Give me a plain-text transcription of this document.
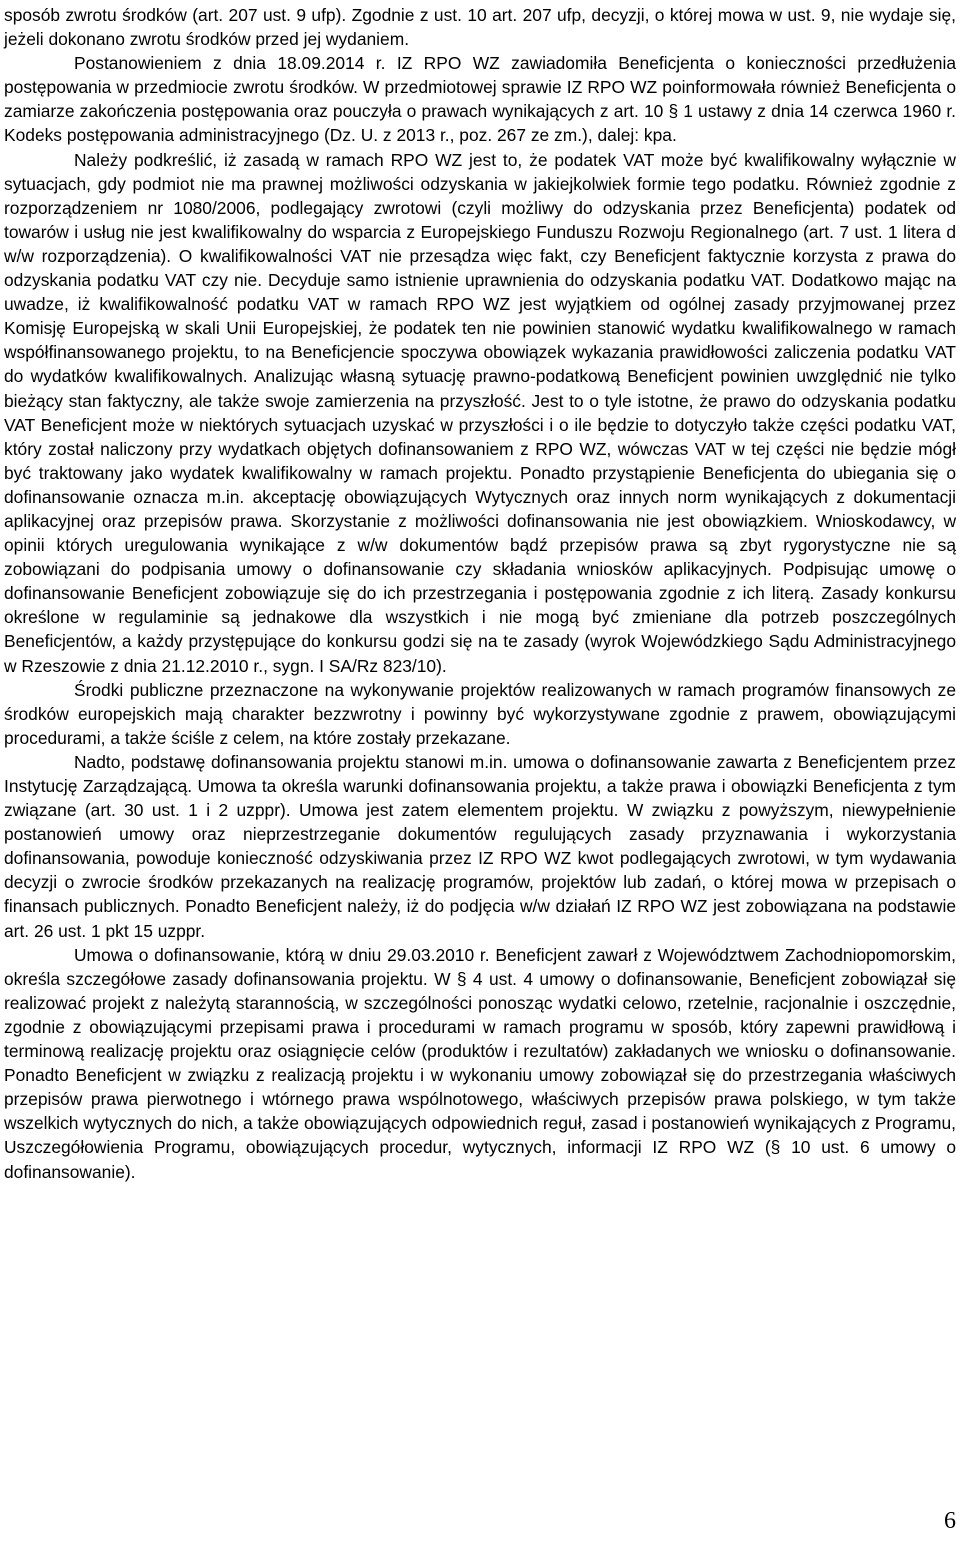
sposób zwrotu środków (art. 207 ust. 9 ufp). Zgodnie z ust. 10 art. 207 ufp, decyzji, o której mowa w ust. 9, nie wydaje się, jeżeli dokonano zwrotu środków przed jej wydaniem.

Postanowieniem z dnia 18.09.2014 r. IZ RPO WZ zawiadomiła Beneficjenta o konieczności przedłużenia postępowania w przedmiocie zwrotu środków. W przedmiotowej sprawie IZ RPO WZ poinformowała również Beneficjenta o zamiarze zakończenia postępowania oraz pouczyła o prawach wynikających z art. 10 § 1 ustawy z dnia 14 czerwca 1960 r. Kodeks postępowania administracyjnego (Dz. U. z 2013 r., poz. 267 ze zm.), dalej: kpa.

Należy podkreślić, iż zasadą w ramach RPO WZ jest to, że podatek VAT może być kwalifikowalny wyłącznie w sytuacjach, gdy podmiot nie ma prawnej możliwości odzyskania w jakiejkolwiek formie tego podatku. Również zgodnie z rozporządzeniem nr 1080/2006, podlegający zwrotowi (czyli możliwy do odzyskania przez Beneficjenta) podatek od towarów i usług nie jest kwalifikowalny do wsparcia z Europejskiego Funduszu Rozwoju Regionalnego (art. 7 ust. 1 litera d w/w rozporządzenia). O kwalifikowalności VAT nie przesądza więc fakt, czy Beneficjent faktycznie korzysta z prawa do odzyskania podatku VAT czy nie. Decyduje samo istnienie uprawnienia do odzyskania podatku VAT. Dodatkowo mając na uwadze, iż kwalifikowalność podatku VAT w ramach RPO WZ jest wyjątkiem od ogólnej zasady przyjmowanej przez Komisję Europejską w skali Unii Europejskiej, że podatek ten nie powinien stanowić wydatku kwalifikowalnego w ramach współfinansowanego projektu, to na Beneficjencie spoczywa obowiązek wykazania prawidłowości zaliczenia podatku VAT do wydatków kwalifikowalnych. Analizując własną sytuację prawno-podatkową Beneficjent powinien uwzględnić nie tylko bieżący stan faktyczny, ale także swoje zamierzenia na przyszłość. Jest to o tyle istotne, że prawo do odzyskania podatku VAT Beneficjent może w niektórych sytuacjach uzyskać w przyszłości i o ile będzie to dotyczyło także części podatku VAT, który został naliczony przy wydatkach objętych dofinansowaniem z RPO WZ, wówczas VAT w tej części nie będzie mógł być traktowany jako wydatek kwalifikowalny w ramach projektu. Ponadto przystąpienie Beneficjenta do ubiegania się o dofinansowanie oznacza m.in. akceptację obowiązujących Wytycznych oraz innych norm wynikających z dokumentacji aplikacyjnej oraz przepisów prawa. Skorzystanie z możliwości dofinansowania nie jest obowiązkiem. Wnioskodawcy, w opinii których uregulowania wynikające z w/w dokumentów bądź przepisów prawa są zbyt rygorystyczne nie są zobowiązani do podpisania umowy o dofinansowanie czy składania wniosków aplikacyjnych. Podpisując umowę o dofinansowanie Beneficjent zobowiązuje się do ich przestrzegania i postępowania zgodnie z ich literą. Zasady konkursu określone w regulaminie są jednakowe dla wszystkich i nie mogą być zmieniane dla potrzeb poszczególnych Beneficjentów, a każdy przystępujące do konkursu godzi się na te zasady (wyrok Wojewódzkiego Sądu Administracyjnego w Rzeszowie z dnia 21.12.2010 r., sygn. I SA/Rz 823/10).

Środki publiczne przeznaczone na wykonywanie projektów realizowanych w ramach programów finansowych ze środków europejskich mają charakter bezzwrotny i powinny być wykorzystywane zgodnie z prawem, obowiązującymi procedurami, a także ściśle z celem, na które zostały przekazane.

Nadto, podstawę dofinansowania projektu stanowi m.in. umowa o dofinansowanie zawarta z Beneficjentem przez Instytucję Zarządzającą. Umowa ta określa warunki dofinansowania projektu, a także prawa i obowiązki Beneficjenta z tym związane (art. 30 ust. 1 i 2 uzppr). Umowa jest zatem elementem projektu. W związku z powyższym, niewypełnienie postanowień umowy oraz nieprzestrzeganie dokumentów regulujących zasady przyznawania i wykorzystania dofinansowania, powoduje konieczność odzyskiwania przez IZ RPO WZ kwot podlegających zwrotowi, w tym wydawania decyzji o zwrocie środków przekazanych na realizację programów, projektów lub zadań, o której mowa w przepisach o finansach publicznych. Ponadto Beneficjent należy, iż do podjęcia w/w działań IZ RPO WZ jest zobowiązana na podstawie art. 26 ust. 1 pkt 15 uzppr.

Umowa o dofinansowanie, którą w dniu 29.03.2010 r. Beneficjent zawarł z Województwem Zachodniopomorskim, określa szczegółowe zasady dofinansowania projektu. W § 4 ust. 4 umowy o dofinansowanie, Beneficjent zobowiązał się realizować projekt z należytą starannością, w szczególności ponosząc wydatki celowo, rzetelnie, racjonalnie i oszczędnie, zgodnie z obowiązującymi przepisami prawa i procedurami w ramach programu w sposób, który zapewni prawidłową i terminową realizację projektu oraz osiągnięcie celów (produktów i rezultatów) zakładanych we wniosku o dofinansowanie. Ponadto Beneficjent w związku z realizacją projektu i w wykonaniu umowy zobowiązał się do przestrzegania właściwych przepisów prawa pierwotnego i wtórnego prawa wspólnotowego, właściwych przepisów prawa polskiego, w tym także wszelkich wytycznych do nich, a także obowiązujących odpowiednich reguł, zasad i postanowień wynikających z Programu, Uszczegółowienia Programu, obowiązujących procedur, wytycznych, informacji IZ RPO WZ (§ 10 ust. 6 umowy o dofinansowanie).

6
